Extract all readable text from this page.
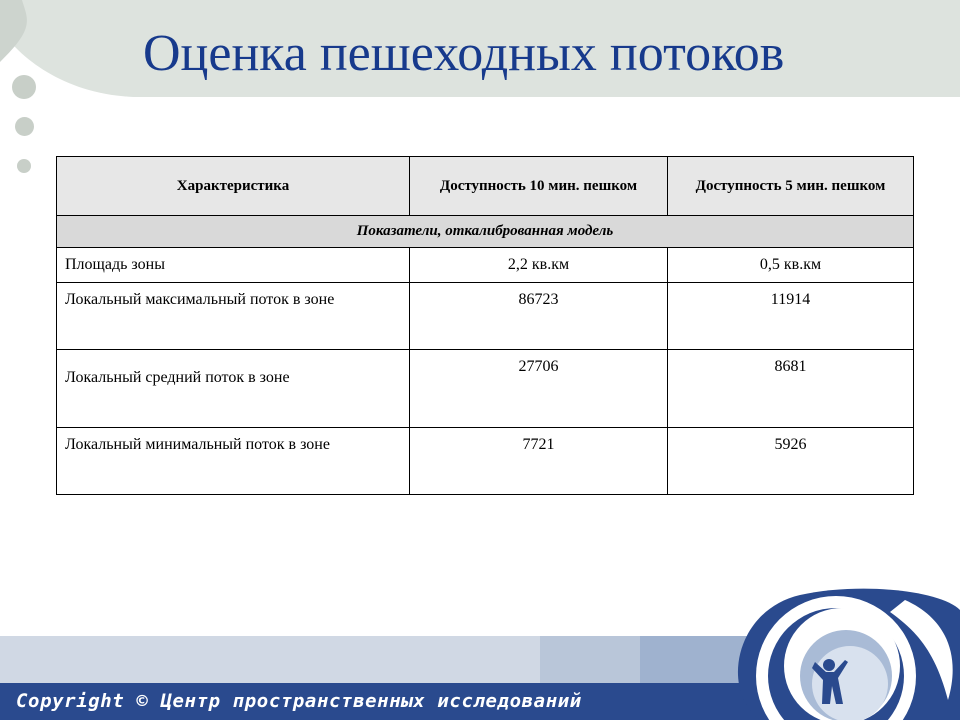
Оценка пешеходных потоков
Характеристика	Доступность 10 мин. пешком	Доступность 5 мин. пешком
Показатели, откалиброванная модель		
Площадь зоны	2,2 кв.км	0,5 кв.км
Локальный максимальный поток в зоне	86723	11914
Локальный средний поток в зоне	27706	8681
Локальный минимальный поток в зоне	7721	5926
Copyright © Центр пространственных исследований
